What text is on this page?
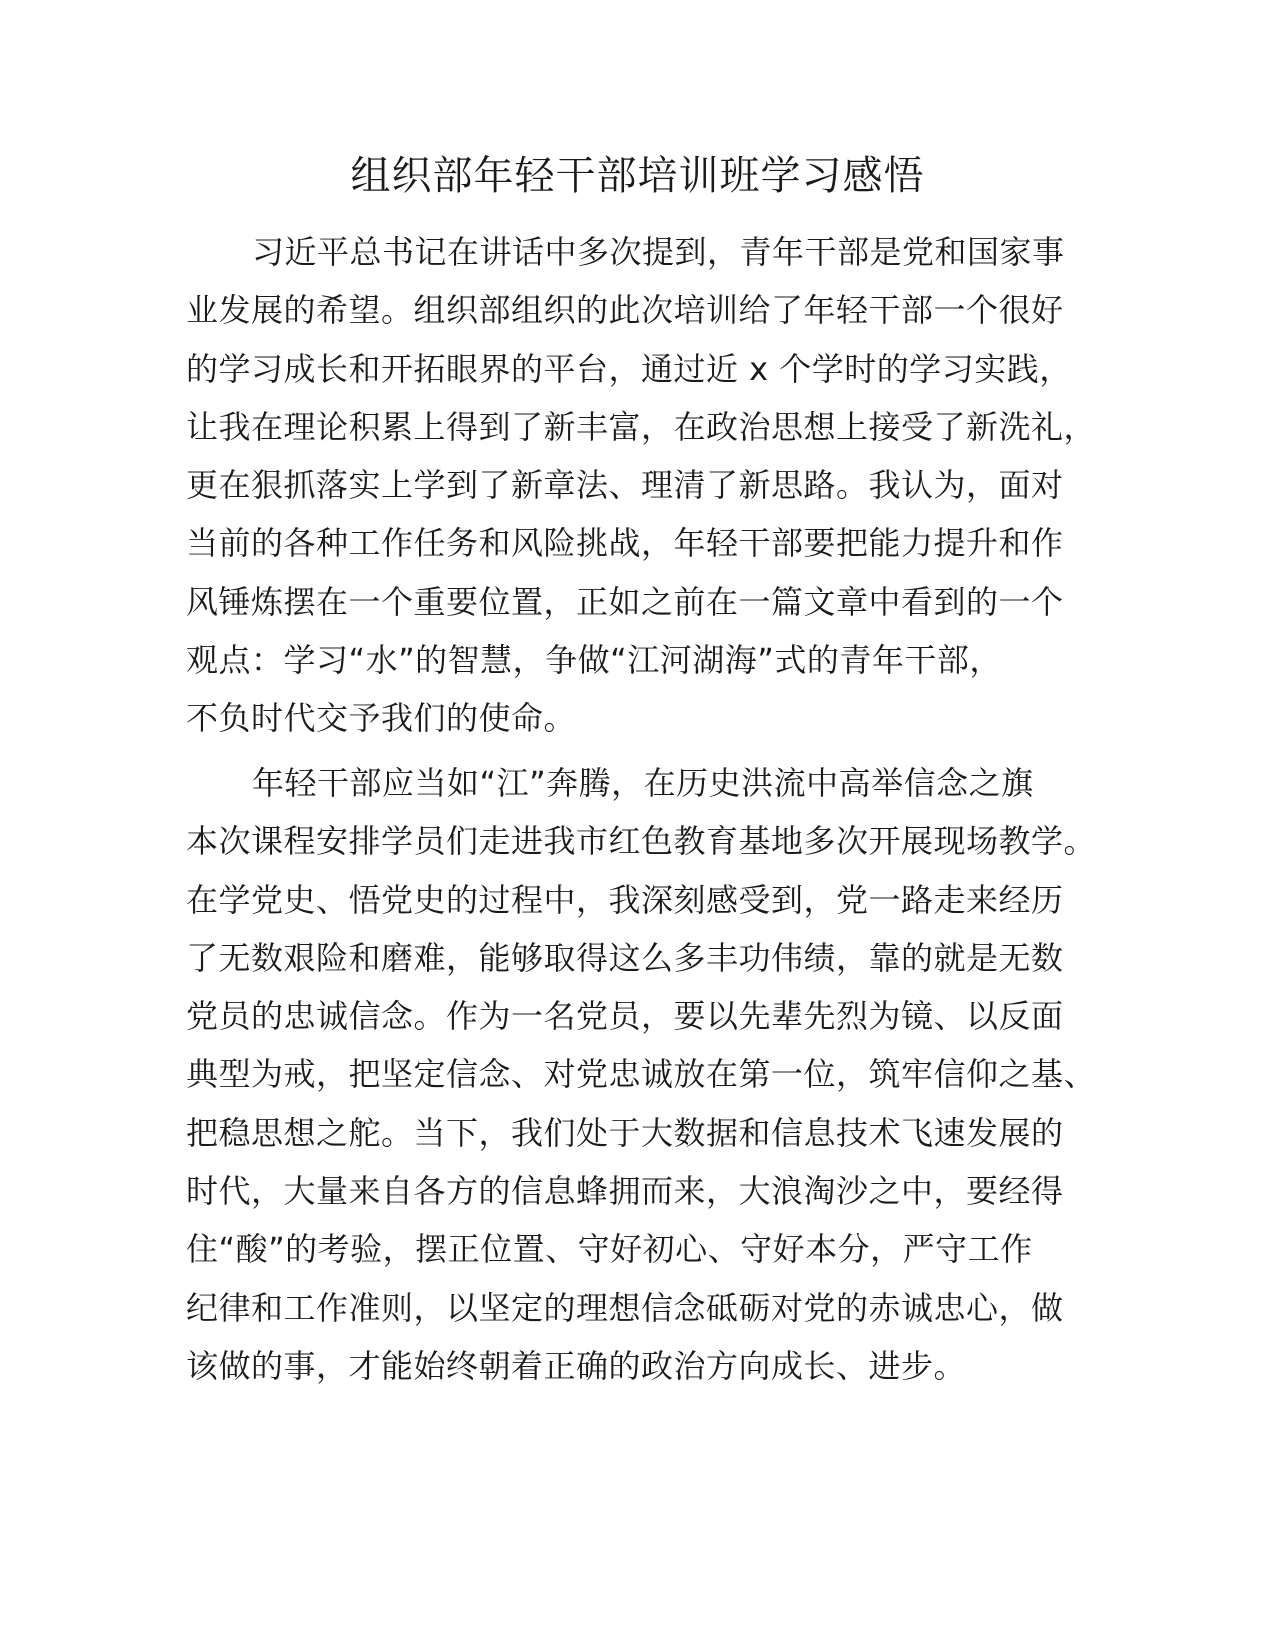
组织部年轻干部培训班学习感悟
习近平总书记在讲话中多次提到，青年干部是党和国家事
业发展的希望。组织部组织的此次培训给了年轻干部一个很好
的学习成长和开拓眼界的平台，通过近 x 个学时的学习实践，
让我在理论积累上得到了新丰富，在政治思想上接受了新洗礼，
更在狠抓落实上学到了新章法、理清了新思路。我认为，面对
当前的各种工作任务和风险挑战，年轻干部要把能力提升和作
风锤炼摆在一个重要位置，正如之前在一篇文章中看到的一个
观点：学习“水”的智慧，争做“江河湖海”式的青年干部，
不负时代交予我们的使命。
年轻干部应当如“江”奔腾，在历史洪流中高举信念之旗
本次课程安排学员们走进我市红色教育基地多次开展现场教学。
在学党史、悟党史的过程中，我深刻感受到，党一路走来经历
了无数艰险和磨难，能够取得这么多丰功伟绩，靠的就是无数
党员的忠诚信念。作为一名党员，要以先辈先烈为镜、以反面
典型为戒，把坚定信念、对党忠诚放在第一位，筑牢信仰之基、
把稳思想之舵。当下，我们处于大数据和信息技术飞速发展的
时代，大量来自各方的信息蜂拥而来，大浪淘沙之中，要经得
住“酸”的考验，摆正位置、守好初心、守好本分，严守工作
纪律和工作准则，以坚定的理想信念砥砺对党的赤诚忠心，做
该做的事，才能始终朝着正确的政治方向成长、进步。
